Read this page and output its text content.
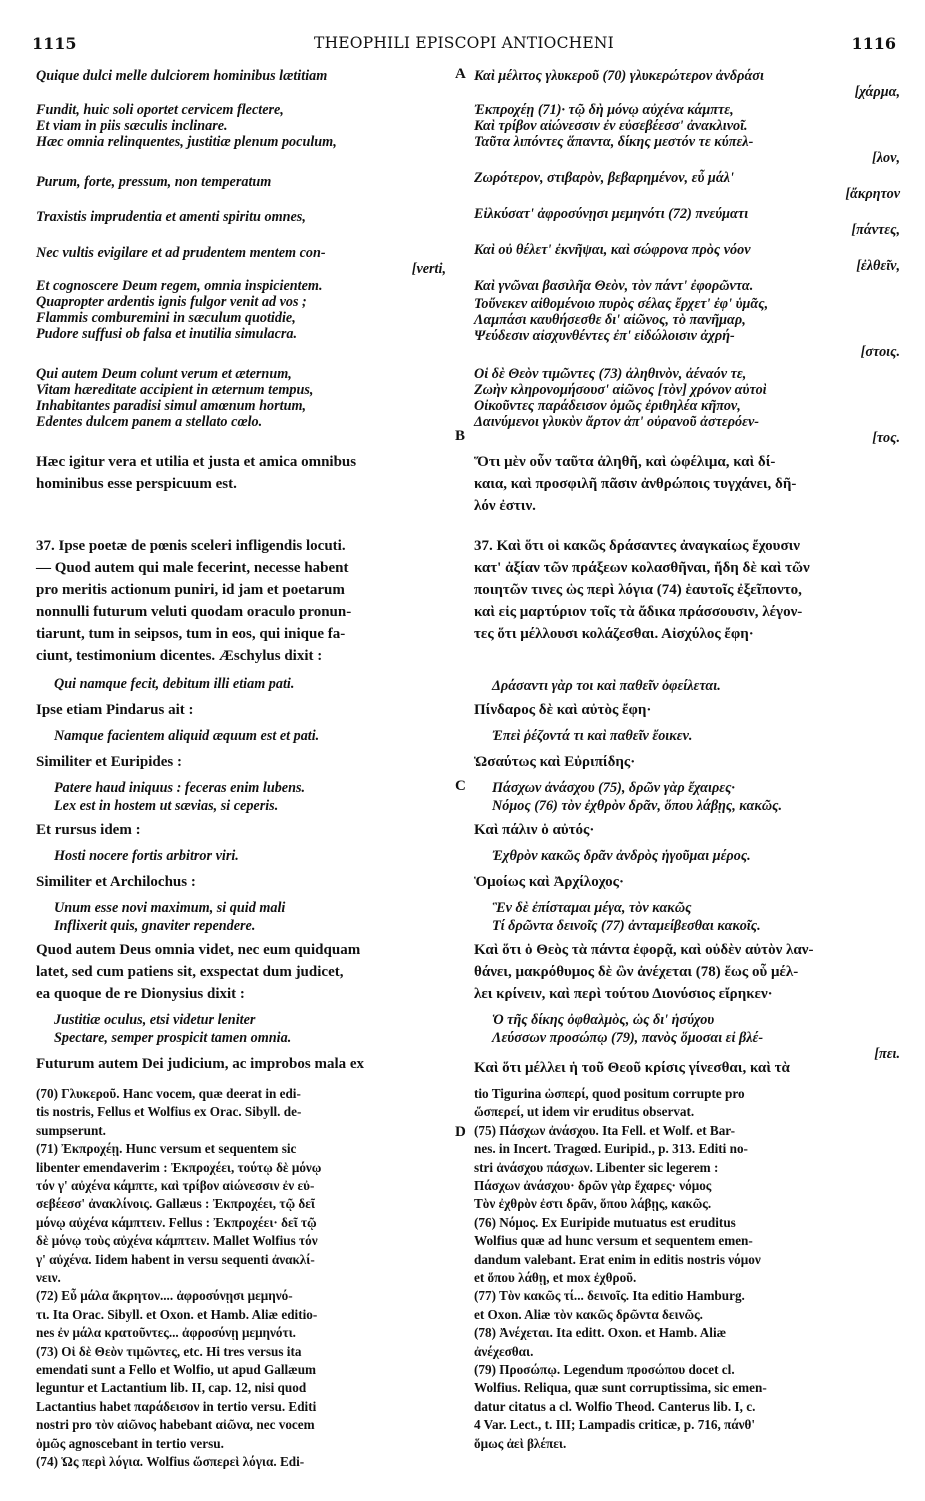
1115	THEOPHILI EPISCOPI ANTIOCHENI	1116
A
B
C
D
Quique dulci melle dulciorem hominibus lætitiam
Fundit, huic soli oportet cervicem flectere,
Et viam in piis sæculis inclinare.
Hæc omnia relinquentes, justitiæ plenum poculum,
Purum, forte, pressum, non temperatum
Traxistis imprudentia et amenti spiritu omnes,
Nec vultis evigilare et ad prudentem mentem con-
[verti,
Et cognoscere Deum regem, omnia inspicientem.
Quapropter ardentis ignis fulgor venit ad vos ;
Flammis comburemini in sæculum quotidie,
Pudore suffusi ob falsa et inutilia simulacra.
Qui autem Deum colunt verum et æternum,
Vitam hæreditate accipient in æternum tempus,
Inhabitantes paradisi simul amœnum hortum,
Edentes dulcem panem a stellato cœlo.
Hæc igitur vera et utilia et justa et amica omnibus
hominibus esse perspicuum est.
37. Ipse poetæ de pœnis sceleri infligendis locuti.
— Quod autem qui male fecerint, necesse habent
pro meritis actionum puniri, id jam et poetarum
nonnulli futurum veluti quodam oraculo pronun-
tiarunt, tum in seipsos, tum in eos, qui inique fa-
ciunt, testimonium dicentes. Æschylus dixit :
Qui namque fecit, debitum illi etiam pati.
Ipse etiam Pindarus ait :
Namque facientem aliquid æquum est et pati.
Similiter et Euripides :
Patere haud iniquus : feceras enim lubens.
Lex est in hostem ut sævias, si ceperis.
Et rursus idem :
Hosti nocere fortis arbitror viri.
Similiter et Archilochus :
Unum esse novi maximum, si quid mali
Inflixerit quis, gnaviter rependere.
Quod autem Deus omnia videt, nec eum quidquam
latet, sed cum patiens sit, exspectat dum judicet,
ea quoque de re Dionysius dixit :
Justitiæ oculus, etsi videtur leniter
Spectare, semper prospicit tamen omnia.
Futurum autem Dei judicium, ac improbos mala ex
(70) Γλυκεροῦ. Hanc vocem, quæ deerat in edi-
tis nostris, Fellus et Wolfius ex Orac. Sibyll. de-
sumpserunt.
(71) Ἐκπροχέῃ. Hunc versum et sequentem sic
libenter emendaverim : Ἐκπροχέει, τούτῳ δὲ μόνῳ
τόν γ' αὐχένα κάμπτε, καὶ τρίβον αἰώνεσσιν ἐν εὐ-
σεβέεσσ' ἀνακλίνοις. Gallæus : Ἐκπροχέει, τῷ δεῖ
μόνῳ αὐχένα κάμπτειν. Fellus : Ἐκπροχέει· δεῖ τῷ
δὲ μόνῳ τοὺς αὐχένα κάμπτειν. Mallet Wolfius τόν
γ' αὐχένα. Iidem habent in versu sequenti ἀνακλί-
νειν.
(72) Εὖ μάλα ἄκρητον.... ἀφροσύνῃσι μεμηνό-
τι. Ita Orac. Sibyll. et Oxon. et Hamb. Aliæ editio-
nes ἐν μάλα κρατοῦντες... ἀφροσύνῃ μεμηνότι.
(73) Οἱ δὲ Θεὸν τιμῶντες, etc. Hi tres versus ita
emendati sunt a Fello et Wolfio, ut apud Gallæum
leguntur et Lactantium lib. II, cap. 12, nisi quod
Lactantius habet παράδεισον in tertio versu. Editi
nostri pro τὸν αἰῶνος habebant αἰῶνα, nec vocem
ὁμῶς agnoscebant in tertio versu.
(74) Ὡς περὶ λόγια. Wolfius ὥσπερεὶ λόγια. Edi-
Καὶ μέλιτος γλυκεροῦ (70) γλυκερώτερον ἀνδράσι
[χάρμα,
Ἐκπροχέῃ (71)· τῷ δὴ μόνῳ αὐχένα κάμπτε,
Καὶ τρίβον αἰώνεσσιν ἐν εὐσεβέεσσ' ἀνακλινοῖ.
Ταῦτα λιπόντες ἅπαντα, δίκης μεστόν τε κύπελ-
[λον,
Ζωρότερον, στιβαρὸν, βεβαρημένον, εὖ μάλ'
[ἄκρητον
Εἱλκύσατ' ἀφροσύνῃσι μεμηνότι (72) πνεύματι
[πάντες,
Καὶ οὐ θέλετ' ἐκνῆψαι, καὶ σώφρονα πρὸς νόον
[ἐλθεῖν,
Καὶ γνῶναι βασιλῆα Θεὸν, τὸν πάντ' ἐφορῶντα.
Τοὔνεκεν αἰθομένοιο πυρὸς σέλας ἔρχετ' ἐφ' ὑμᾶς,
Λαμπάσι καυθήσεσθε δι' αἰῶνος, τὸ πανῆμαρ,
Ψεύδεσιν αἰσχυνθέντες ἐπ' εἰδώλοισιν ἀχρή-
[στοις.
Οἱ δὲ Θεὸν τιμῶντες (73) ἀληθινὸν, ἀέναόν τε,
Ζωὴν κληρονομήσουσ' αἰῶνος [τὸν] χρόνον αὐτοὶ
Οἰκοῦντες παράδεισον ὁμῶς ἐριθηλέα κῆπον,
Δαινύμενοι γλυκὺν ἄρτον ἀπ' οὐρανοῦ ἀστερόεν-
[τος.
Ὅτι μὲν οὖν ταῦτα ἀληθῆ, καὶ ὠφέλιμα, καὶ δί-
καια, καὶ προσφιλῆ πᾶσιν ἀνθρώποις τυγχάνει, δῆ-
λόν ἐστιν.
37. Καὶ ὅτι οἱ κακῶς δράσαντες ἀναγκαίως ἔχουσιν
κατ' ἀξίαν τῶν πράξεων κολασθῆναι, ἤδη δὲ καὶ τῶν
ποιητῶν τινες ὡς περὶ λόγια (74) ἑαυτοῖς ἐξεῖποντο,
καὶ εἰς μαρτύριον τοῖς τὰ ἄδικα πράσσουσιν, λέγον-
τες ὅτι μέλλουσι κολάζεσθαι. Αἰσχύλος ἔφη·
Δράσαντι γὰρ τοι καὶ παθεῖν ὀφείλεται.
Πίνδαρος δὲ καὶ αὐτὸς ἔφη·
Ἐπεὶ ῥέζοντά τι καὶ παθεῖν ἔοικεν.
Ὡσαύτως καὶ Εὐριπίδης·
Πάσχων ἀνάσχου (75), δρῶν γὰρ ἔχαιρες·
Νόμος (76) τὸν ἐχθρὸν δρᾶν, ὅπου λάβῃς, κακῶς.
Καὶ πάλιν ὁ αὐτός·
Ἐχθρὸν κακῶς δρᾶν ἀνδρὸς ἡγοῦμαι μέρος.
Ὁμοίως καὶ Ἀρχίλοχος·
Ἓν δὲ ἐπίσταμαι μέγα, τὸν κακῶς
Τί δρῶντα δεινοῖς (77) ἀνταμείβεσθαι κακοῖς.
Καὶ ὅτι ὁ Θεὸς τὰ πάντα ἐφορᾷ, καὶ οὐδὲν αὐτὸν λαν-
θάνει, μακρόθυμος δὲ ὢν ἀνέχεται (78) ἕως οὗ μέλ-
λει κρίνειν, καὶ περὶ τούτου Διονύσιος εἴρηκεν·
Ὁ τῆς δίκης ὀφθαλμὸς, ὡς δι' ἡσύχου
Λεύσσων προσώπῳ (79), πανὸς ὅμοσαι εἰ βλέ-
[πει.
Καὶ ὅτι μέλλει ἡ τοῦ Θεοῦ κρίσις γίνεσθαι, καὶ τὰ
tio Tigurina ὡσπερί, quod positum corrupte pro
ὥσπερεί, ut idem vir eruditus observat.
(75) Πάσχων ἀνάσχου. Ita Fell. et Wolf. et Bar-
nes. in Incert. Tragœd. Euripid., p. 313. Editi no-
stri ἀνάσχου πάσχων. Libenter sic legerem :
Πάσχων ἀνάσχου· δρῶν γὰρ ἔχαρες· νόμος
Τὸν ἐχθρὸν ἐστι δρᾶν, ὅπου λάβῃς, κακῶς.
(76) Νόμος. Ex Euripide mutuatus est eruditus
Wolfius quæ ad hunc versum et sequentem emen-
dandum valebant. Erat enim in editis nostris νόμον
et ὅπου λάθῃ, et mox ἐχθροῦ.
(77) Τὸν κακῶς τί... δεινοῖς. Ita editio Hamburg.
et Oxon. Aliæ τὸν κακῶς δρῶντα δεινῶς.
(78) Ἀνέχεται. Ita editt. Oxon. et Hamb. Aliæ
ἀνέχεσθαι.
(79) Προσώπῳ. Legendum προσώπου docet cl.
Wolfius. Reliqua, quæ sunt corruptissima, sic emen-
datur citatus a cl. Wolfio Theod. Canterus lib. I, c.
4 Var. Lect., t. III; Lampadis criticæ, p. 716, πάνθ'
ὅμως ἀεὶ βλέπει.
